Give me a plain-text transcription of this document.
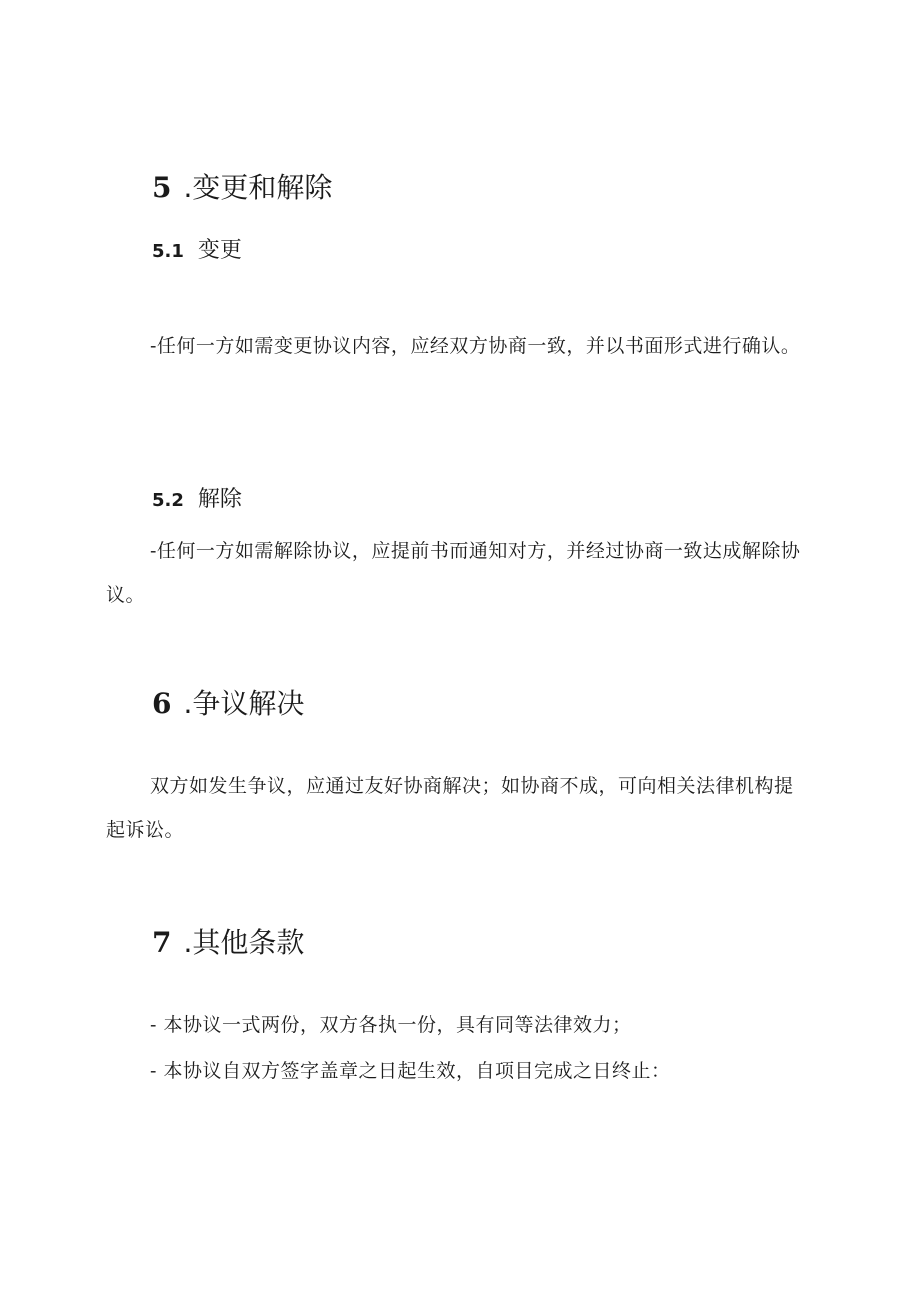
5 .变更和解除
5.1 变更

-任何一方如需变更协议内容，应经双方协商一致，并以书面形式进行确认。

5.2 解除

-任何一方如需解除协议，应提前书而通知对方，并经过协商一致达成解除协议。

6 .争议解决

双方如发生争议，应通过友好协商解决；如协商不成，可向相关法律机构提起诉讼。

7 .其他条款

- 本协议一式两份，双方各执一份，具有同等法律效力；

- 本协议自双方签字盖章之日起生效，自项目完成之日终止：
